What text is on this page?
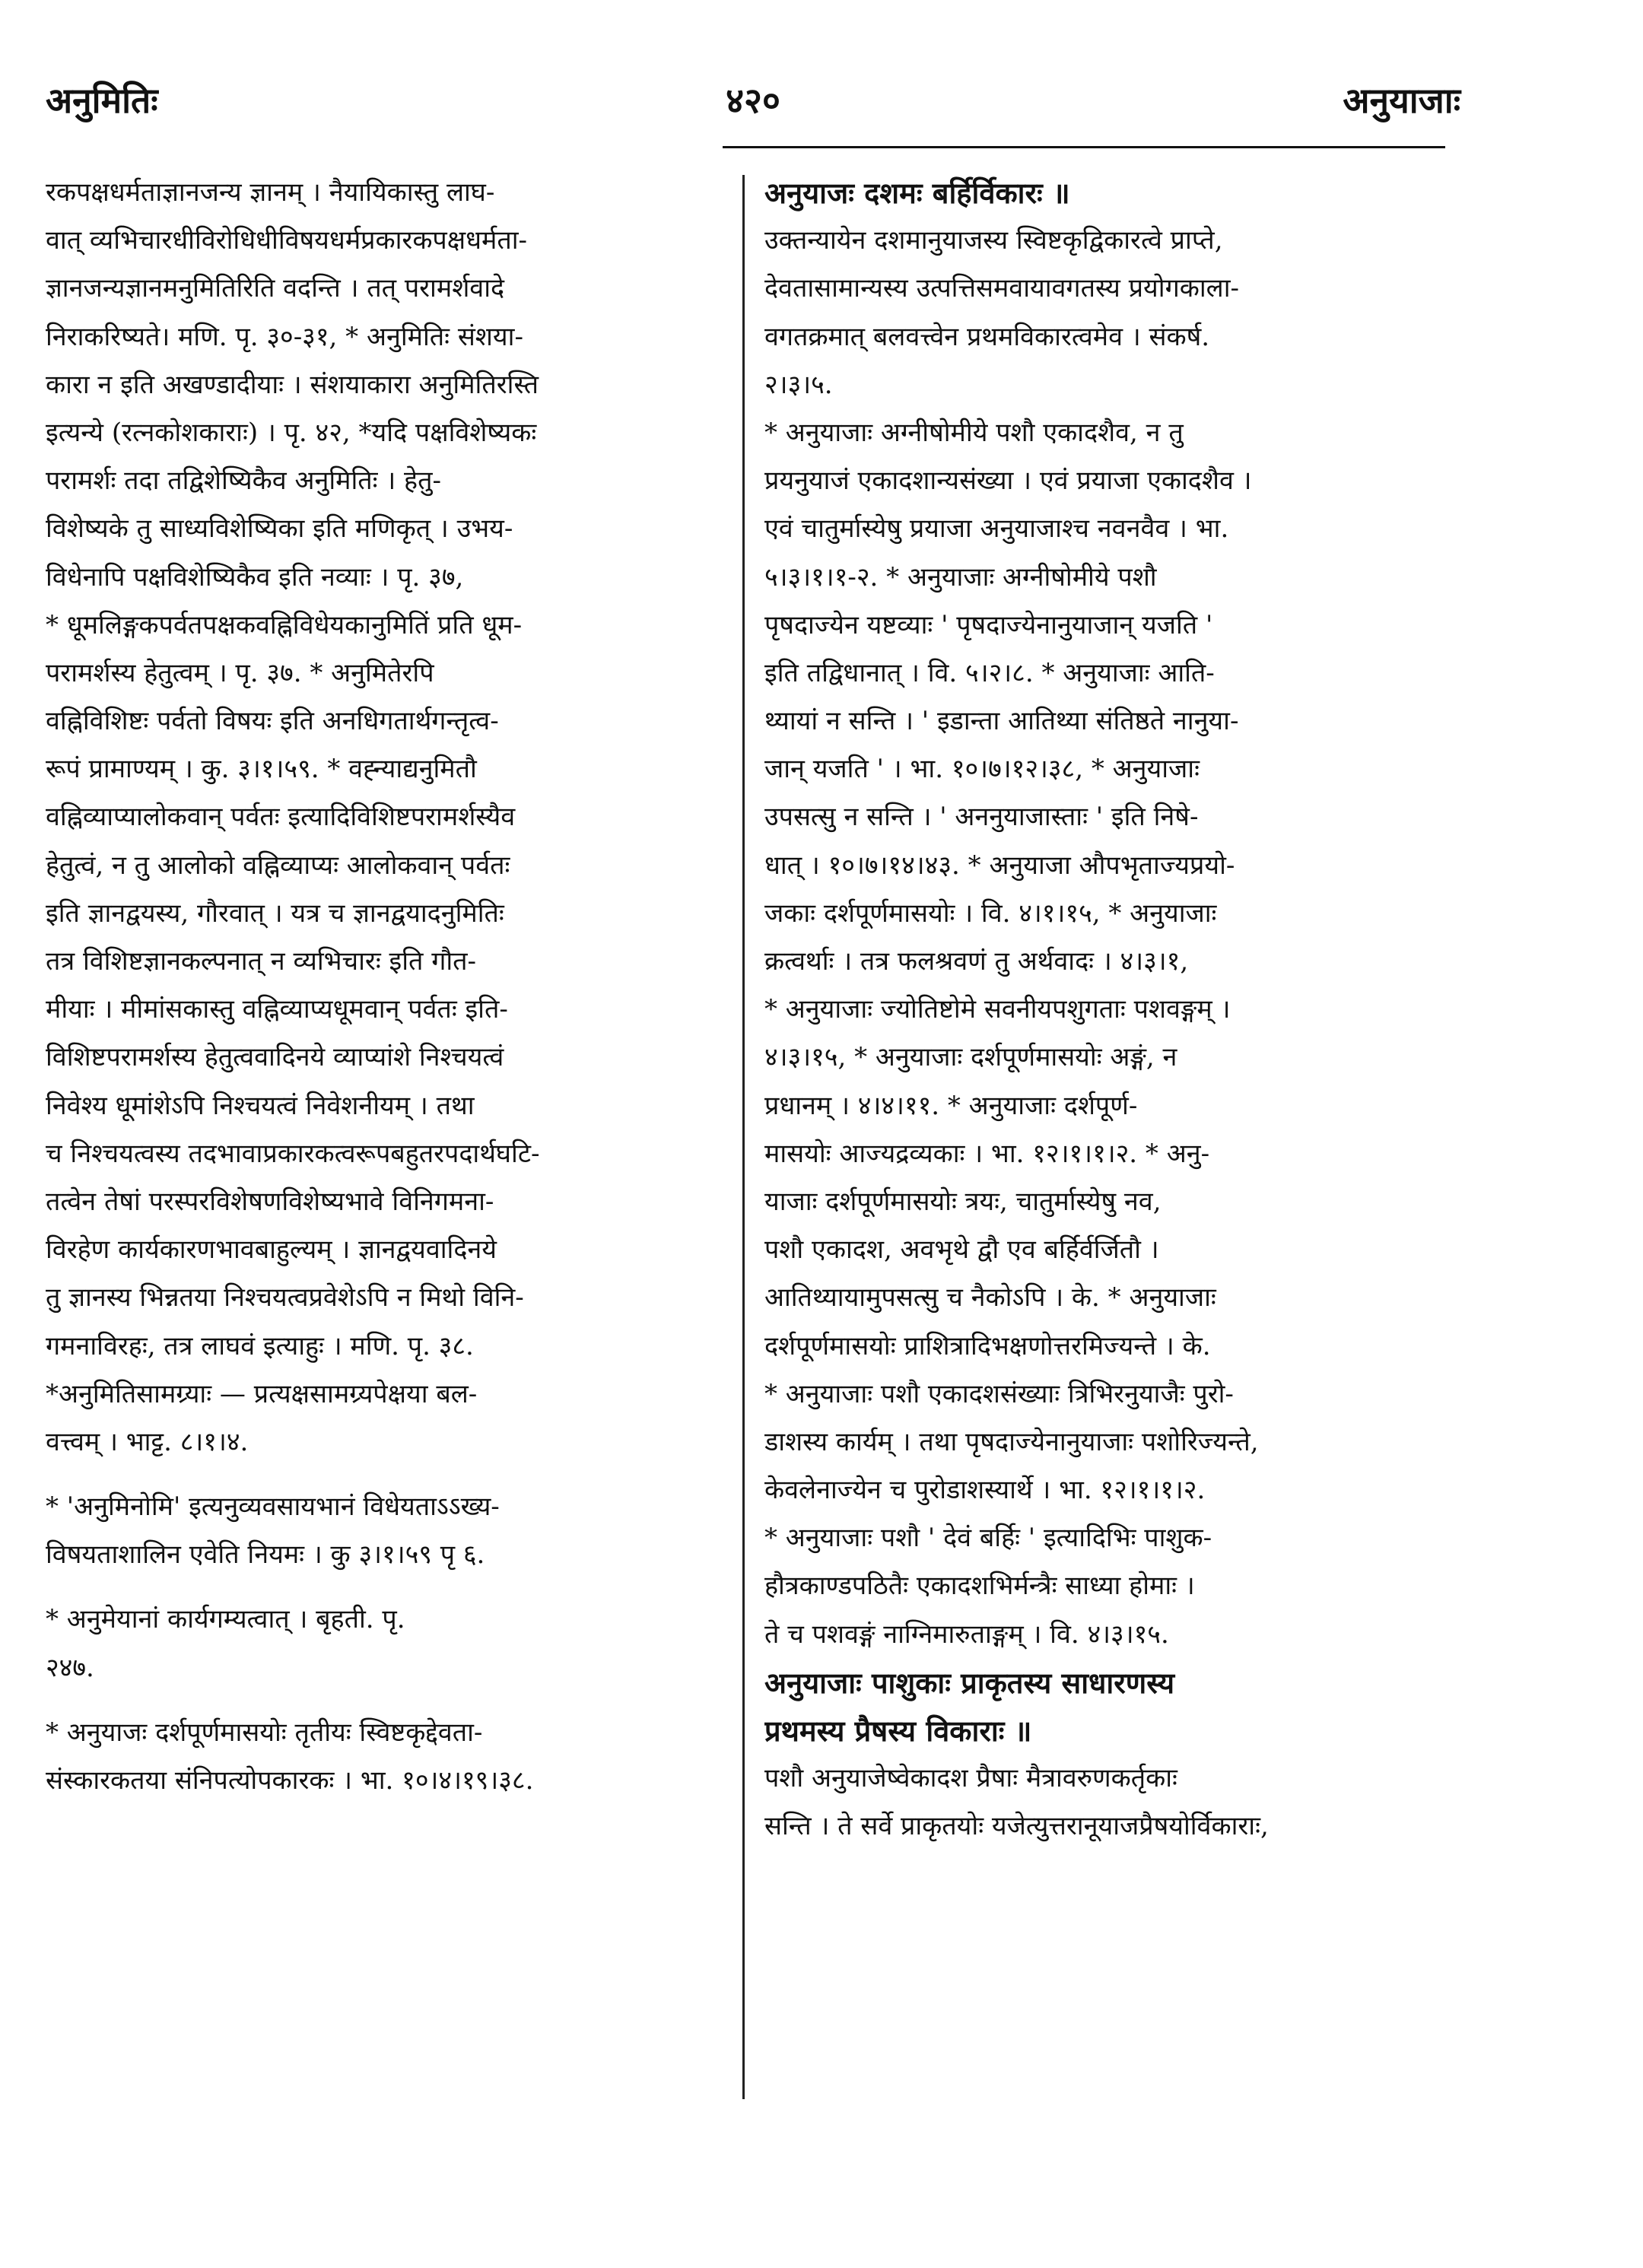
अनुमितिः	४२०	अनुयाजाः
रकपक्षधर्मताज्ञानजन्य ज्ञानम् । नैयायिकास्तु लाघ-
वात् व्यभिचारधीविरोधिधीविषयधर्मप्रकारकपक्षधर्मता-
ज्ञानजन्यज्ञानमनुमितिरिति वदन्ति । तत् परामर्शवादे
निराकरिष्यते। मणि. पृ. ३०-३१, * अनुमितिः संशया-
कारा न इति अखण्डादीयाः । संशयाकारा अनुमितिरस्ति
इत्यन्ये (रत्नकोशकाराः) । पृ. ४२, *यदि पक्षविशेष्यकः
परामर्शः तदा तद्विशेष्यिकैव अनुमितिः । हेतु-
विशेष्यके तु साध्यविशेष्यिका इति मणिकृत् । उभय-
विधेनापि पक्षविशेष्यिकैव इति नव्याः । पृ. ३७,
* धूमलिङ्गकपर्वतपक्षकवह्निविधेयकानुमितिं प्रति धूम-
परामर्शस्य हेतुत्वम् । पृ. ३७. * अनुमितेरपि
वह्निविशिष्टः पर्वतो विषयः इति अनधिगतार्थगन्तृत्व-
रूपं प्रामाण्यम् । कु. ३।१।५९. * वह्न्याद्यनुमितौ
वह्निव्याप्यालोकवान् पर्वतः इत्यादिविशिष्टपरामर्शस्यैव
हेतुत्वं, न तु आलोको वह्निव्याप्यः आलोकवान् पर्वतः
इति ज्ञानद्वयस्य, गौरवात् । यत्र च ज्ञानद्वयादनुमितिः
तत्र विशिष्टज्ञानकल्पनात् न व्यभिचारः इति गौत-
मीयाः । मीमांसकास्तु वह्निव्याप्यधूमवान् पर्वतः इति-
विशिष्टपरामर्शस्य हेतुत्ववादिनये व्याप्यांशे निश्चयत्वं
निवेश्य धूमांशेऽपि निश्चयत्वं निवेशनीयम् । तथा
च निश्चयत्वस्य तदभावाप्रकारकत्वरूपबहुतरपदार्थघटि-
तत्वेन तेषां परस्परविशेषणविशेष्यभावे विनिगमना-
विरहेण कार्यकारणभावबाहुल्यम् । ज्ञानद्वयवादिनये
तु ज्ञानस्य भिन्नतया निश्चयत्वप्रवेशेऽपि न मिथो विनि-
गमनाविरहः, तत्र लाघवं इत्याहुः । मणि. पृ. ३८.
*अनुमितिसामग्र्याः — प्रत्यक्षसामग्र्यपेक्षया बल-
वत्त्वम् । भाट्ट. ८।१।४.
* 'अनुमिनोमि' इत्यनुव्यवसायभानं विधेयताऽऽख्य-
विषयताशालिन एवेति नियमः । कु ३।१।५९ पृ ६.
* अनुमेयानां कार्यगम्यत्वात् । बृहती. पृ.
२४७.
* अनुयाजः दर्शपूर्णमासयोः तृतीयः स्विष्टकृद्देवता-
संस्कारकतया संनिपत्योपकारकः । भा. १०।४।१९।३८.
अनुयाजः दशमः बर्हिर्विकारः ॥
उक्तन्यायेन दशमानुयाजस्य स्विष्टकृद्विकारत्वे प्राप्ते,
देवतासामान्यस्य उत्पत्तिसमवायावगतस्य प्रयोगकाला-
वगतक्रमात् बलवत्त्वेन प्रथमविकारत्वमेव । संकर्ष.
२।३।५.
* अनुयाजाः अग्नीषोमीये पशौ एकादशैव, न तु
प्रयनुयाजं एकादशान्यसंख्या । एवं प्रयाजा एकादशैव ।
एवं चातुर्मास्येषु प्रयाजा अनुयाजाश्च नवनवैव । भा.
५।३।१।१-२. * अनुयाजाः अग्नीषोमीये पशौ
पृषदाज्येन यष्टव्याः ' पृषदाज्येनानुयाजान् यजति '
इति तद्विधानात् । वि. ५।२।८. * अनुयाजाः आति-
थ्यायां न सन्ति । ' इडान्ता आतिथ्या संतिष्ठते नानुया-
जान् यजति ' । भा. १०।७।१२।३८, * अनुयाजाः
उपसत्सु न सन्ति । ' अननुयाजास्ताः ' इति निषे-
धात् । १०।७।१४।४३. * अनुयाजा औपभृताज्यप्रयो-
जकाः दर्शपूर्णमासयोः । वि. ४।१।१५, * अनुयाजाः
क्रत्वर्थाः । तत्र फलश्रवणं तु अर्थवादः । ४।३।१,
* अनुयाजाः ज्योतिष्टोमे सवनीयपशुगताः पशवङ्गम् ।
४।३।१५, * अनुयाजाः दर्शपूर्णमासयोः अङ्गं, न
प्रधानम् । ४।४।११. * अनुयाजाः दर्शपूर्ण-
मासयोः आज्यद्रव्यकाः । भा. १२।१।१।२. * अनु-
याजाः दर्शपूर्णमासयोः त्रयः, चातुर्मास्येषु नव,
पशौ एकादश, अवभृथे द्वौ एव बर्हिर्वर्जितौ ।
आतिथ्यायामुपसत्सु च नैकोऽपि । के. * अनुयाजाः
दर्शपूर्णमासयोः प्राशित्रादिभक्षणोत्तरमिज्यन्ते । के.
* अनुयाजाः पशौ एकादशसंख्याः त्रिभिरनुयाजैः पुरो-
डाशस्य कार्यम् । तथा पृषदाज्येनानुयाजाः पशोरिज्यन्ते,
केवलेनाज्येन च पुरोडाशस्यार्थे । भा. १२।१।१।२.
* अनुयाजाः पशौ ' देवं बर्हिः ' इत्यादिभिः पाशुक-
हौत्रकाण्डपठितैः एकादशभिर्मन्त्रैः साध्या होमाः ।
ते च पशवङ्गं नाग्निमारुताङ्गम् । वि. ४।३।१५.
अनुयाजाः पाशुकाः प्राकृतस्य साधारणस्य
प्रथमस्य प्रैषस्य विकाराः ॥
पशौ अनुयाजेष्वेकादश प्रैषाः मैत्रावरुणकर्तृकाः
सन्ति । ते सर्वे प्राकृतयोः यजेत्युत्तरानूयाजप्रैषयोर्विकाराः,
